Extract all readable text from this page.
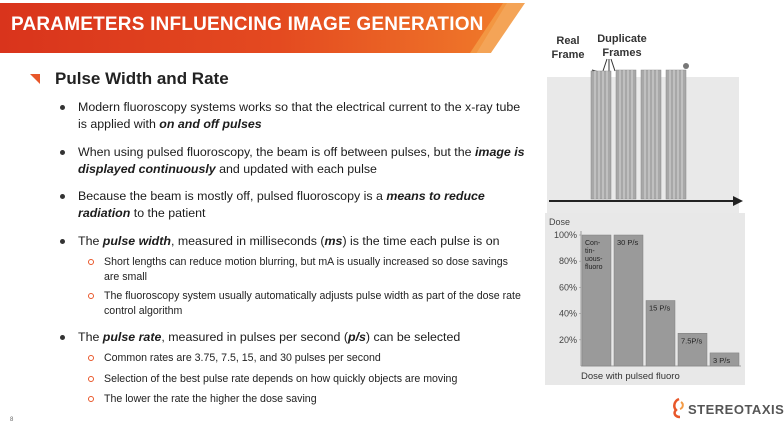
PARAMETERS INFLUENCING IMAGE GENERATION
Pulse Width and Rate
Modern fluoroscopy systems works so that the electrical current to the x-ray tube is applied with on and off pulses
When using pulsed fluoroscopy, the beam is off between pulses, but the image is displayed continuously and updated with each pulse
Because the beam is mostly off, pulsed fluoroscopy is a means to reduce radiation to the patient
The pulse width, measured in milliseconds (ms) is the time each pulse is on
Short lengths can reduce motion blurring, but mA is usually increased so dose savings are small
The fluoroscopy system usually automatically adjusts pulse width as part of the dose rate control algorithm
The pulse rate, measured in pulses per second (p/s) can be selected
Common rates are 3.75, 7.5, 15, and 30 pulses per second
Selection of the best pulse rate depends on how quickly objects are moving
The lower the rate the higher the dose saving
Real
Frame
Duplicate
Frames
Dose
100%
80%
60%
40%
20%
Con-
tin-
uous-
fluoro
30 P/s
15 P/s
7.5P/s
3 P/s
Dose with pulsed fluoro
8
STEREOTAXIS
